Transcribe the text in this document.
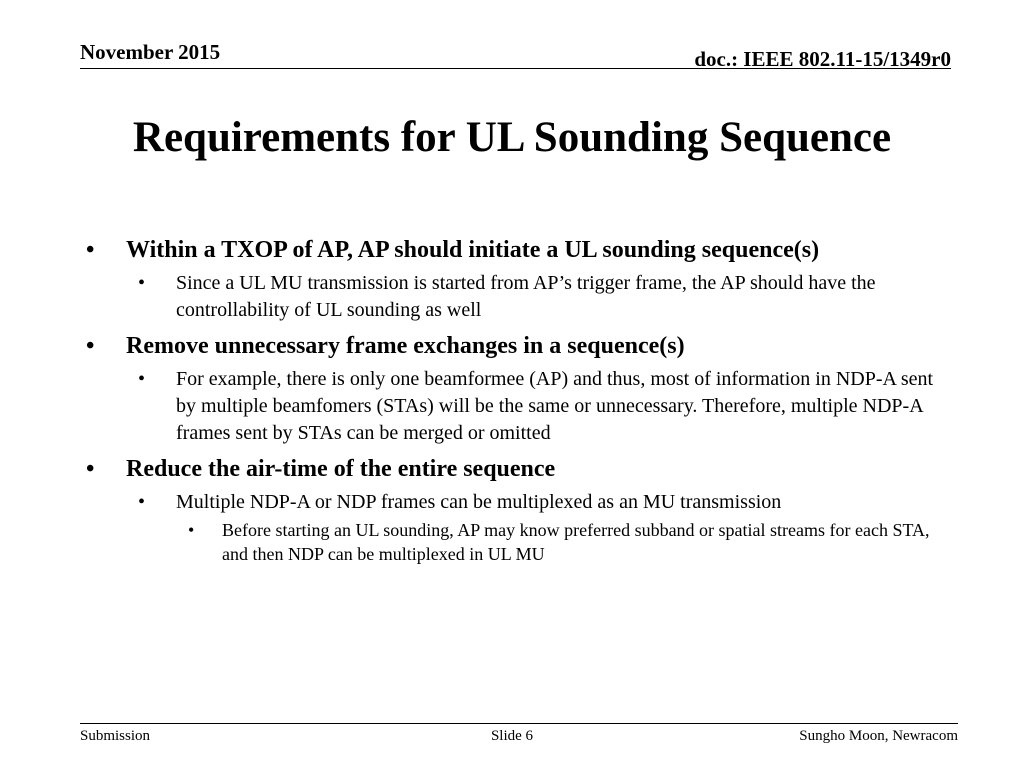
November 2015	doc.: IEEE 802.11-15/1349r0
Requirements for UL Sounding Sequence
• Within a TXOP of AP, AP should initiate a UL sounding sequence(s)
• Since a UL MU transmission is started from AP’s trigger frame, the AP should have the controllability of UL sounding as well
• Remove unnecessary frame exchanges in a sequence(s)
• For example, there is only one beamformee (AP) and thus, most of information in NDP-A sent by multiple beamfomers (STAs) will be the same or unnecessary. Therefore, multiple NDP-A frames sent by STAs can be merged or omitted
• Reduce the air-time of the entire sequence
• Multiple NDP-A or NDP frames can be multiplexed as an MU transmission
• Before starting an UL sounding, AP may know preferred subband or spatial streams for each STA, and then NDP can be multiplexed in UL MU
Submission	Slide 6	Sungho Moon, Newracom
